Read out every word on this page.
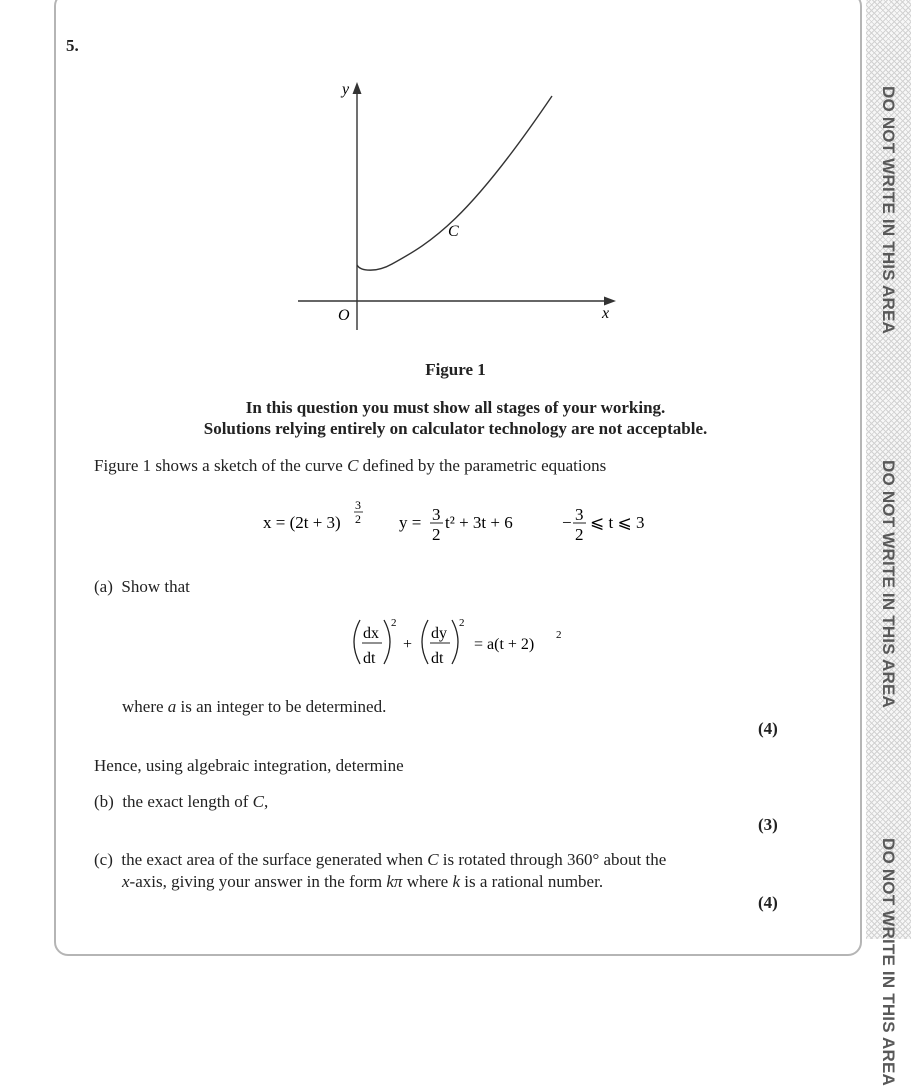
DO NOT WRITE IN THIS AREA
DO NOT WRITE IN THIS AREA
DO NOT WRITE IN THIS AREA
5.
y
x
O
C
Figure 1
In this question you must show all stages of your working.
Solutions relying entirely on calculator technology are not acceptable.
Figure 1 shows a sketch of the curve C defined by the parametric equations
x = (2t + 3)
3
2 y = 3
2
t² + 3t + 6	− 3
2
⩽ t ⩽ 3
(a) Show that
dx
dt
2
+
dy
dt
2
= a(t + 2)
2
where a is an integer to be determined.
(4)
Hence, using algebraic integration, determine
(b) the exact length of C,
(3)
(c) the exact area of the surface generated when C is rotated through 360° about the
x-axis, giving your answer in the form kπ where k is a rational number.
(4)
